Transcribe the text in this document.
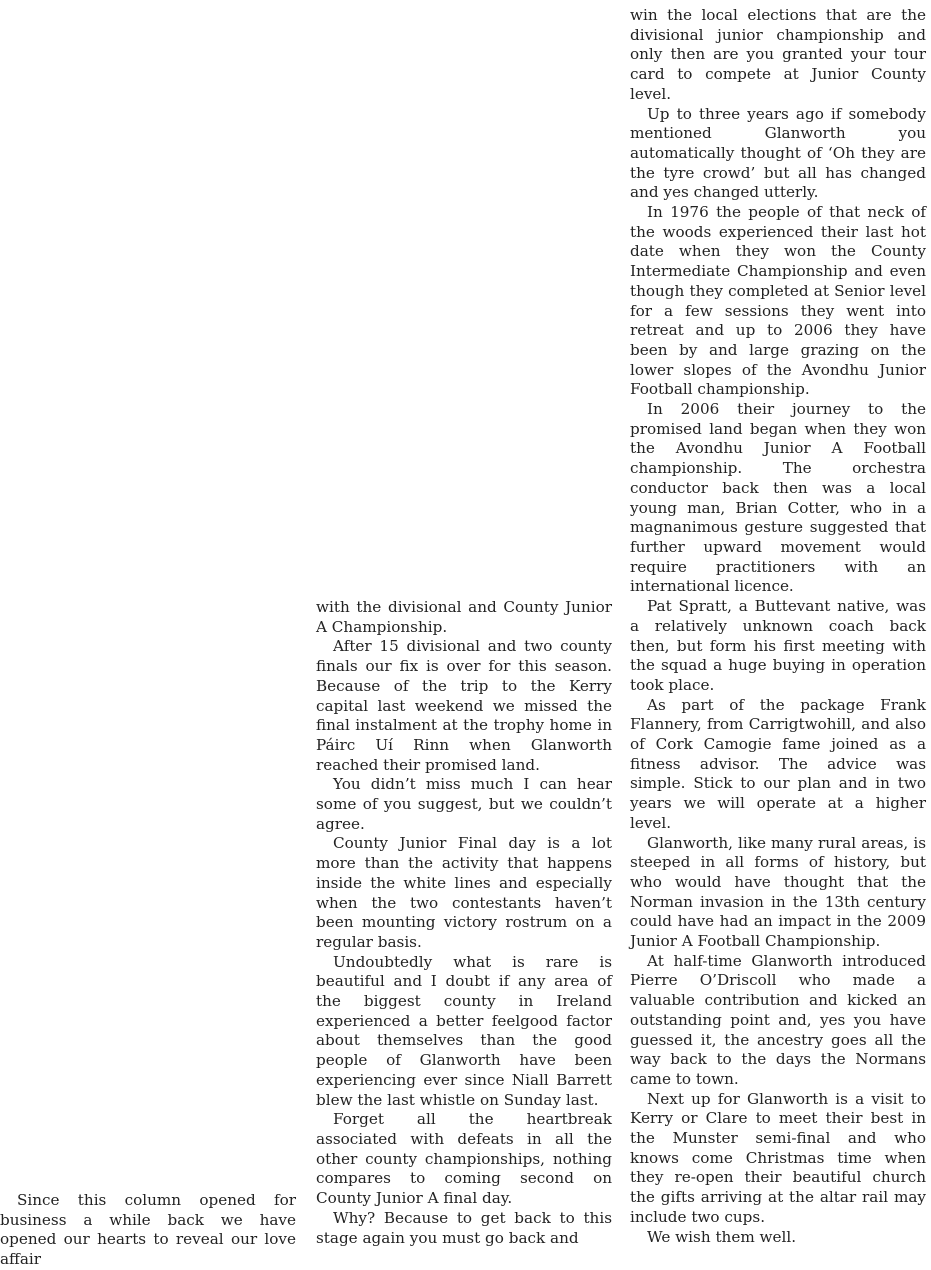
Since this column opened for business a while back we have opened our hearts to reveal our love affair

with the divisional and County Junior A Championship.

After 15 divisional and two county finals our fix is over for this season. Because of the trip to the Kerry capital last weekend we missed the final instalment at the trophy home in Páirc Uí Rinn when Glanworth reached their promised land.

You didn’t miss much I can hear some of you suggest, but we couldn’t agree.

County Junior Final day is a lot more than the activity that happens inside the white lines and especially when the two contestants haven’t been mounting victory rostrum on a regular basis.

Undoubtedly what is rare is beautiful and I doubt if any area of the biggest county in Ireland experienced a better feelgood factor about themselves than the good people of Glanworth have been experiencing ever since Niall Barrett blew the last whistle on Sunday last.

Forget all the heartbreak associated with defeats in all the other county championships, nothing compares to coming second on County Junior A final day.

Why? Because to get back to this stage again you must go back and

win the local elections that are the divisional junior championship and only then are you granted your tour card to compete at Junior County level.

Up to three years ago if somebody mentioned Glanworth you automatically thought of ‘Oh they are the tyre crowd’ but all has changed and yes changed utterly.

In 1976 the people of that neck of the woods experienced their last hot date when they won the County Intermediate Championship and even though they completed at Senior level for a few sessions they went into retreat and up to 2006 they have been by and large grazing on the lower slopes of the Avondhu Junior Football championship.

In 2006 their journey to the promised land began when they won the Avondhu Junior A Football championship. The orchestra conductor back then was a local young man, Brian Cotter, who in a magnanimous gesture suggested that further upward movement would require practitioners with an international licence.

Pat Spratt, a Buttevant native, was a relatively unknown coach back then, but form his first meeting with the squad a huge buying in operation took place.

As part of the package Frank Flannery, from Carrigtwohill, and also of Cork Camogie fame joined as a fitness advisor. The advice was simple. Stick to our plan and in two years we will operate at a higher level.

Glanworth, like many rural areas, is steeped in all forms of history, but who would have thought that the Norman invasion in the 13th century could have had an impact in the 2009 Junior A Football Championship.

At half-time Glanworth introduced Pierre O’Driscoll who made a valuable contribution and kicked an outstanding point and, yes you have guessed it, the ancestry goes all the way back to the days the Normans came to town.

Next up for Glanworth is a visit to Kerry or Clare to meet their best in the Munster semi-final and who knows come Christmas time when they re-open their beautiful church the gifts arriving at the altar rail may include two cups.

We wish them well.
